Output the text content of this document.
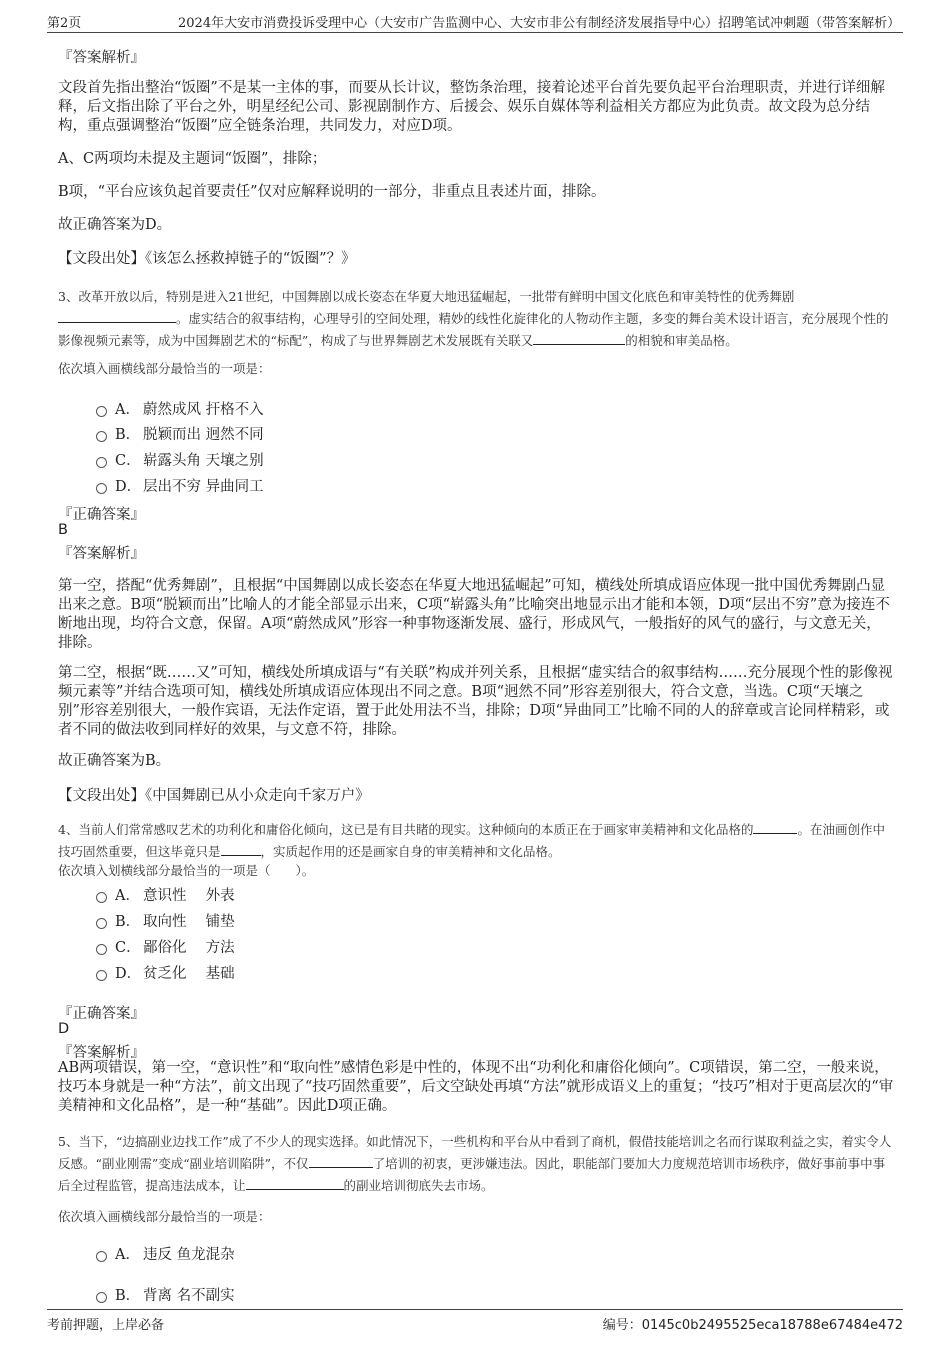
第2页	2024年大安市消费投诉受理中心（大安市广告监测中心、大安市非公有制经济发展指导中心）招聘笔试冲刺题（带答案解析）
『答案解析』
文段首先指出整治“饭圈”不是某一主体的事，而要从长计议，整饬条治理，接着论述平台首先要负起平台治理职责，并进行详细解释，后文指出除了平台之外，明星经纪公司、影视剧制作方、后援会、娱乐自媒体等利益相关方都应为此负责。故文段为总分结构，重点强调整治“饭圈”应全链条治理，共同发力，对应D项。
A、C两项均未提及主题词“饭圈”，排除；
B项，“平台应该负起首要责任”仅对应解释说明的一部分，非重点且表述片面，排除。
故正确答案为D。
【文段出处】《该怎么拯救掉链子的“饭圈”？》
3、改革开放以后，特别是进入21世纪，中国舞剧以成长姿态在华夏大地迅猛崛起，一批带有鲜明中国文化底色和审美特性的优秀舞剧。虚实结合的叙事结构，心理导引的空间处理，精妙的线性化旋律化的人物动作主题，多变的舞台美术设计语言，充分展现个性的影像视频元素等，成为中国舞剧艺术的“标配”，构成了与世界舞剧艺术发展既有关联又	的相貌和审美品格。
依次填入画横线部分最恰当的一项是：
A． 蔚然成风 扞格不入
B． 脱颖而出 迥然不同
C． 崭露头角 天壤之别
D． 层出不穷 异曲同工
『正确答案』
B
『答案解析』
第一空，搭配“优秀舞剧”，且根据“中国舞剧以成长姿态在华夏大地迅猛崛起”可知，横线处所填成语应体现一批中国优秀舞剧凸显出来之意。B项“脱颖而出”比喻人的才能全部显示出来，C项“崭露头角”比喻突出地显示出才能和本领，D项“层出不穷”意为接连不断地出现，均符合文意，保留。A项“蔚然成风”形容一种事物逐渐发展、盛行，形成风气，一般指好的风气的盛行，与文意无关，排除。
第二空，根据“既……又”可知，横线处所填成语与“有关联”构成并列关系，且根据“虚实结合的叙事结构……充分展现个性的影像视频元素等”并结合选项可知，横线处所填成语应体现出不同之意。B项“迥然不同”形容差别很大，符合文意，当选。C项“天壤之别”形容差别很大，一般作宾语，无法作定语，置于此处用法不当，排除；D项“异曲同工”比喻不同的人的辞章或言论同样精彩，或者不同的做法收到同样好的效果，与文意不符，排除。
故正确答案为B。
【文段出处】《中国舞剧已从小众走向千家万户》
4、当前人们常常感叹艺术的功利化和庸俗化倾向，这已是有目共睹的现实。这种倾向的本质正在于画家审美精神和文化品格的	。在油画创作中技巧固然重要，但这毕竟只是	，实质起作用的还是画家自身的审美精神和文化品格。
依次填入划横线部分最恰当的一项是（　　）。
A． 意识性　 外表
B． 取向性　 铺垫
C． 鄙俗化　 方法
D． 贫乏化　 基础
『正确答案』
D
『答案解析』
AB两项错误，第一空，“意识性”和“取向性”感情色彩是中性的，体现不出“功利化和庸俗化倾向”。C项错误，第二空，一般来说，技巧本身就是一种“方法”，前文出现了“技巧固然重要”，后文空缺处再填“方法”就形成语义上的重复；“技巧”相对于更高层次的“审美精神和文化品格”，是一种“基础”。因此D项正确。
5、当下，“边搞副业边找工作”成了不少人的现实选择。如此情况下，一些机构和平台从中看到了商机，假借技能培训之名而行谋取利益之实，着实令人反感。“副业刚需”变成“副业培训陷阱”，不仅	了培训的初衷，更涉嫌违法。因此，职能部门要加大力度规范培训市场秩序，做好事前事中事后全过程监管，提高违法成本，让	的副业培训彻底失去市场。
依次填入画横线部分最恰当的一项是：
A． 违反 鱼龙混杂
B． 背离 名不副实
考前押题，上岸必备	编号：0145c0b2495525eca18788e67484e472
